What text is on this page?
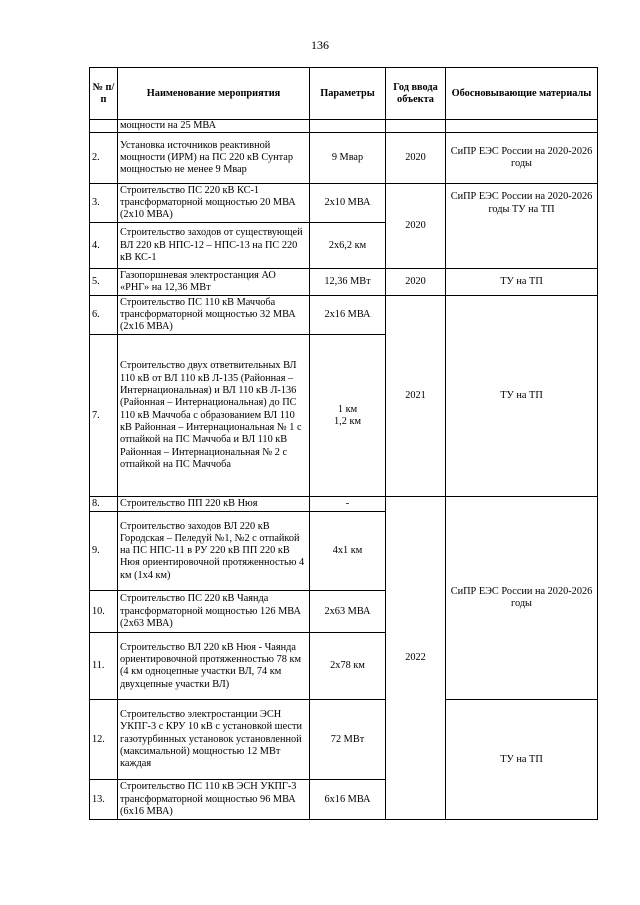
136
№ п/п	Наименование мероприятия	Параметры	Год ввода объекта	Обосновывающие материалы
	мощности на 25 МВА			
2.	Установка источников реактивной мощности (ИРМ) на ПС 220 кВ Сунтар мощностью не менее 9 Мвар	9 Мвар	2020	СиПР ЕЭС России на 2020-2026 годы
3.	Строительство ПС 220 кВ КС-1 трансформаторной мощностью 20 МВА (2х10 МВА)	2х10 МВА	2020	СиПР ЕЭС России на 2020-2026 годы ТУ на ТП
4.	Строительство заходов от существующей ВЛ 220 кВ НПС-12 – НПС-13 на ПС 220 кВ КС-1	2х6,2 км		
5.	Газопоршневая электростанция АО «РНГ» на 12,36 МВт	12,36 МВт	2020	ТУ на ТП
6.	Строительство ПС 110 кВ Маччоба трансформаторной мощностью 32 МВА (2х16 МВА)	2х16 МВА	2021	ТУ на ТП
7.	Строительство двух ответвительных ВЛ 110 кВ от ВЛ 110 кВ Л-135 (Районная – Интернациональная) и ВЛ 110 кВ Л-136 (Районная – Интернациональная) до ПС 110 кВ Маччоба с образованием ВЛ 110 кВ Районная – Интернациональная № 1 с отпайкой на ПС Маччоба и ВЛ 110 кВ Районная – Интернациональная № 2 с отпайкой на ПС Маччоба	1 км
1,2 км		

8.	Строительство ПП 220 кВ Нюя	-	2022	СиПР ЕЭС России на 2020-2026 годы
9.	Строительство заходов ВЛ 220 кВ Городская – Пеледуй №1, №2 с отпайкой на ПС НПС-11 в РУ 220 кВ ПП 220 кВ Нюя ориентировочной протяженностью 4 км (1х4 км)	4х1 км		
10.	Строительство ПС 220 кВ Чаянда трансформаторной мощностью 126 МВА (2х63 МВА)	2х63 МВА		
11.	Строительство ВЛ 220 кВ Нюя - Чаянда ориентировочной протяженностью 78 км (4 км одноцепные участки ВЛ, 74 км двухцепные участки ВЛ)	2х78 км		
12.	Строительство электростанции ЭСН УКПГ-3 с КРУ 10 кВ с установкой шести газотурбинных установок установленной (максимальной) мощностью 12 МВт каждая	72 МВт		ТУ на ТП
13.	Строительство ПС 110 кВ ЭСН УКПГ-3 трансформаторной мощностью 96 МВА (6х16 МВА)	6х16 МВА		
